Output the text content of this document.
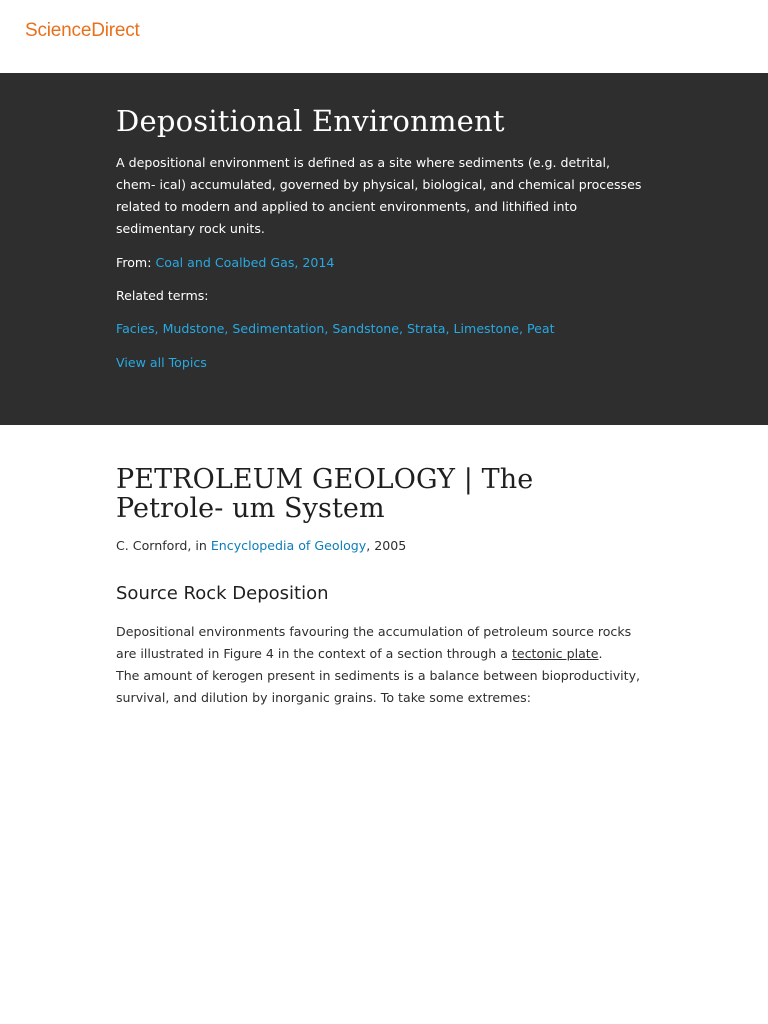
ScienceDirect
Depositional Environment

A depositional environment is defined as a site where sediments (e.g. detrital, chem- ical) accumulated, governed by physical, biological, and chemical processes related to modern and applied to ancient environments, and lithified into sedimentary rock units.

From: Coal and Coalbed Gas, 2014

Related terms:

Facies, Mudstone, Sedimentation, Sandstone, Strata, Limestone, Peat

View all Topics
PETROLEUM GEOLOGY | The Petrole- um System

C. Cornford, in Encyclopedia of Geology, 2005

Source Rock Deposition

Depositional environments favouring the accumulation of petroleum source rocks are illustrated in Figure 4 in the context of a section through a tectonic plate.
The amount of kerogen present in sediments is a balance between bioproductivity, survival, and dilution by inorganic grains. To take some extremes:
